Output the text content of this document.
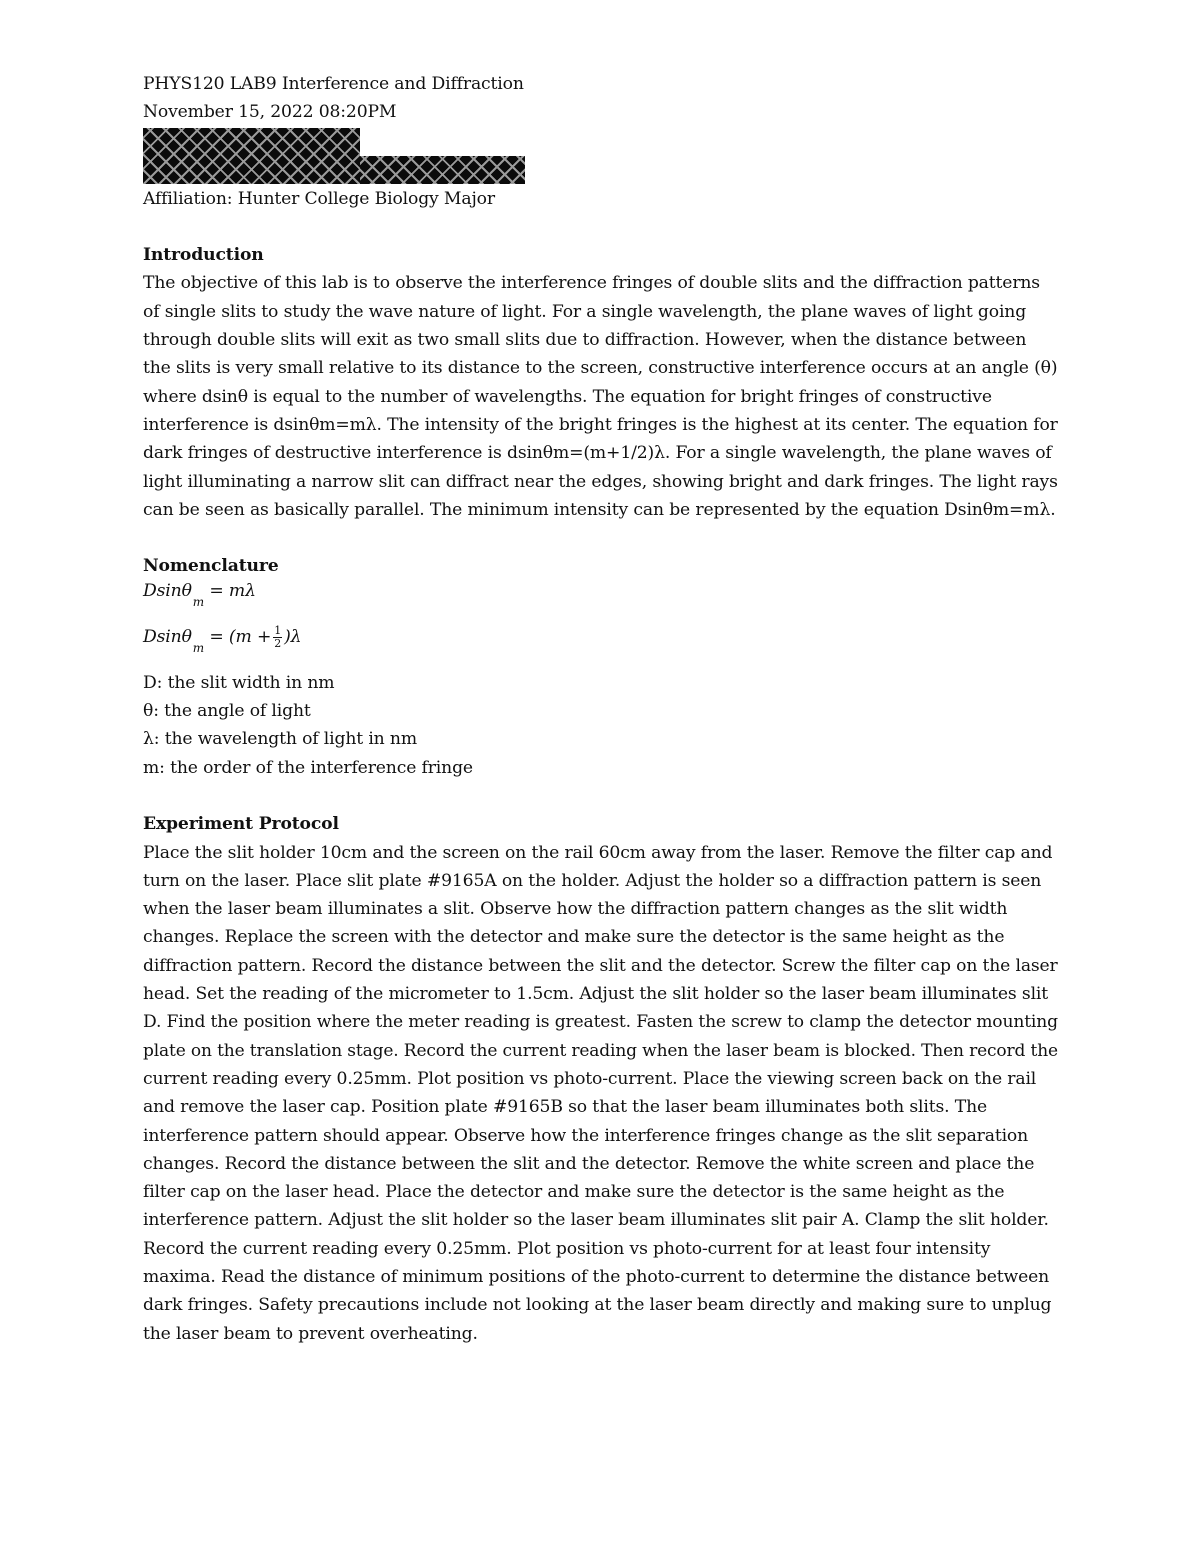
PHYS120 LAB9 Interference and Diffraction
November 15, 2022 08:20PM
Affiliation: Hunter College Biology Major
Introduction
The objective of this lab is to observe the interference fringes of double slits and the diffraction patterns
of single slits to study the wave nature of light. For a single wavelength, the plane waves of light going
through double slits will exit as two small slits due to diffraction. However, when the distance between
the slits is very small relative to its distance to the screen, constructive interference occurs at an angle (θ)
where dsinθ is equal to the number of wavelengths. The equation for bright fringes of constructive
interference is dsinθm=mλ. The intensity of the bright fringes is the highest at its center. The equation for
dark fringes of destructive interference is dsinθm=(m+1/2)λ. For a single wavelength, the plane waves of
light illuminating a narrow slit can diffract near the edges, showing bright and dark fringes. The light rays
can be seen as basically parallel. The minimum intensity can be represented by the equation Dsinθm=mλ.
Nomenclature
Dsinθ$_m$ = mλ
$Dsin\theta_m = (m + \frac{1}{2} )\lambda$
D: the slit width in nm
θ: the angle of light
λ: the wavelength of light in nm
m: the order of the interference fringe
Experiment Protocol
Place the slit holder 10cm and the screen on the rail 60cm away from the laser. Remove the filter cap and
turn on the laser. Place slit plate #9165A on the holder. Adjust the holder so a diffraction pattern is seen
when the laser beam illuminates a slit. Observe how the diffraction pattern changes as the slit width
changes. Replace the screen with the detector and make sure the detector is the same height as the
diffraction pattern. Record the distance between the slit and the detector. Screw the filter cap on the laser
head. Set the reading of the micrometer to 1.5cm. Adjust the slit holder so the laser beam illuminates slit
D. Find the position where the meter reading is greatest. Fasten the screw to clamp the detector mounting
plate on the translation stage. Record the current reading when the laser beam is blocked. Then record the
current reading every 0.25mm. Plot position vs photo-current. Place the viewing screen back on the rail
and remove the laser cap. Position plate #9165B so that the laser beam illuminates both slits. The
interference pattern should appear. Observe how the interference fringes change as the slit separation
changes. Record the distance between the slit and the detector. Remove the white screen and place the
filter cap on the laser head. Place the detector and make sure the detector is the same height as the
interference pattern. Adjust the slit holder so the laser beam illuminates slit pair A. Clamp the slit holder.
Record the current reading every 0.25mm. Plot position vs photo-current for at least four intensity
maxima. Read the distance of minimum positions of the photo-current to determine the distance between
dark fringes. Safety precautions include not looking at the laser beam directly and making sure to unplug
the laser beam to prevent overheating.
